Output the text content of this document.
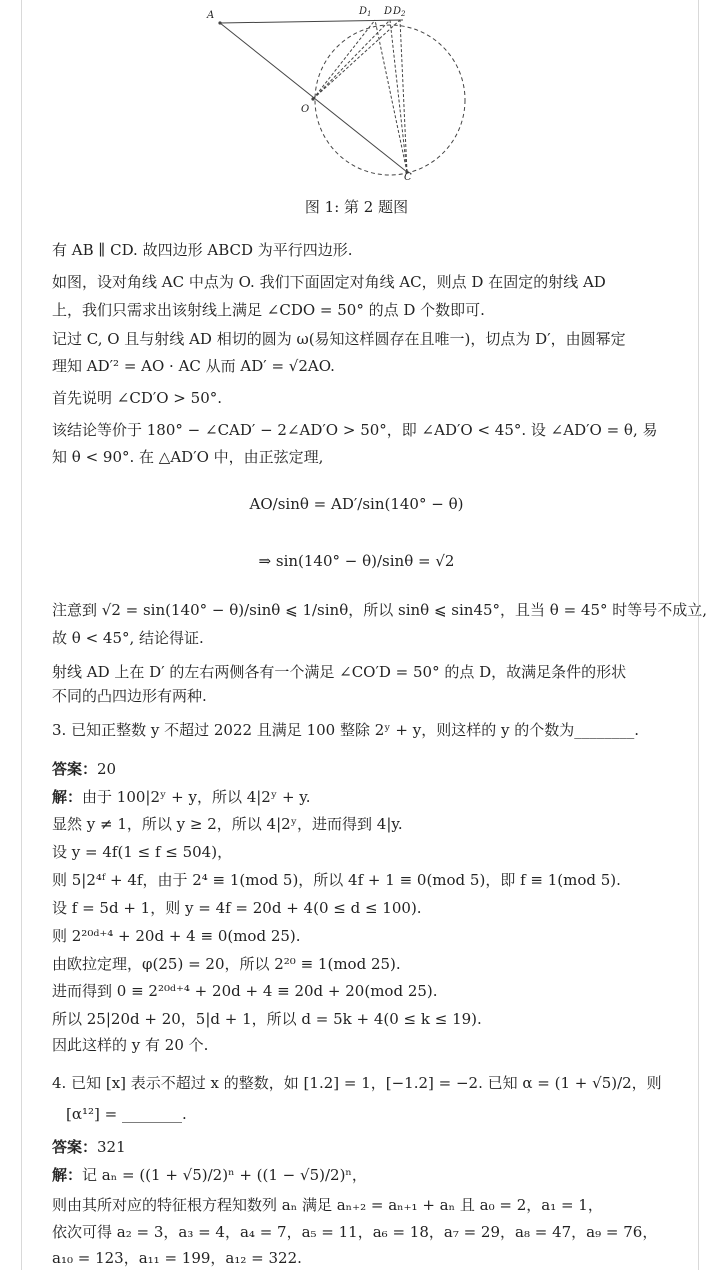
A
O
C
$D_1$ D $D_2$
图 1: 第 2 题图
有 AB ∥ CD. 故四边形 ABCD 为平行四边形.
如图，设对角线 AC 中点为 O. 我们下面固定对角线 AC，则点 D 在固定的射线 AD
上，我们只需求出该射线上满足 ∠CDO = 50° 的点 D 个数即可.
记过 C, O 且与射线 AD 相切的圆为 ω(易知这样圆存在且唯一)，切点为 D′，由圆幂定
理知 AD′² = AO · AC 从而 AD′ = √2AO.
首先说明 ∠CD′O > 50°.
该结论等价于 180° − ∠CAD′ − 2∠AD′O > 50°，即 ∠AD′O < 45°. 设 ∠AD′O = θ, 易
知 θ < 90°. 在 △AD′O 中，由正弦定理,
AO/sinθ = AD′/sin(140° − θ)
⇒ sin(140° − θ)/sinθ = √2
注意到 √2 = sin(140° − θ)/sinθ ⩽ 1/sinθ，所以 sinθ ⩽ sin45°，且当 θ = 45° 时等号不成立,
故 θ < 45°, 结论得证.
射线 AD 上在 D′ 的左右两侧各有一个满足 ∠CO′D = 50° 的点 D，故满足条件的形状
不同的凸四边形有两种.
3. 已知正整数 y 不超过 2022 且满足 100 整除 2ʸ + y，则这样的 y 的个数为________.
答案：20
解：由于 100|2ʸ + y，所以 4|2ʸ + y.
显然 y ≠ 1，所以 y ≥ 2，所以 4|2ʸ，进而得到 4|y.
设 y = 4f(1 ≤ f ≤ 504)，
则 5|2⁴ᶠ + 4f，由于 2⁴ ≡ 1(mod 5)，所以 4f + 1 ≡ 0(mod 5)，即 f ≡ 1(mod 5).
设 f = 5d + 1，则 y = 4f = 20d + 4(0 ≤ d ≤ 100).
则 2²⁰ᵈ⁺⁴ + 20d + 4 ≡ 0(mod 25).
由欧拉定理，φ(25) = 20，所以 2²⁰ ≡ 1(mod 25).
进而得到 0 ≡ 2²⁰ᵈ⁺⁴ + 20d + 4 ≡ 20d + 20(mod 25).
所以 25|20d + 20，5|d + 1，所以 d = 5k + 4(0 ≤ k ≤ 19).
因此这样的 y 有 20 个.
4. 已知 [x] 表示不超过 x 的整数，如 [1.2] = 1，[−1.2] = −2. 已知 α = (1 + √5)/2，则
[α¹²] = ________.
答案：321
解：记 aₙ = ((1 + √5)/2)ⁿ + ((1 − √5)/2)ⁿ，
则由其所对应的特征根方程知数列 aₙ 满足 aₙ₊₂ = aₙ₊₁ + aₙ 且 a₀ = 2，a₁ = 1，
依次可得 a₂ = 3，a₃ = 4，a₄ = 7，a₅ = 11，a₆ = 18，a₇ = 29，a₈ = 47，a₉ = 76，
a₁₀ = 123，a₁₁ = 199，a₁₂ = 322.
